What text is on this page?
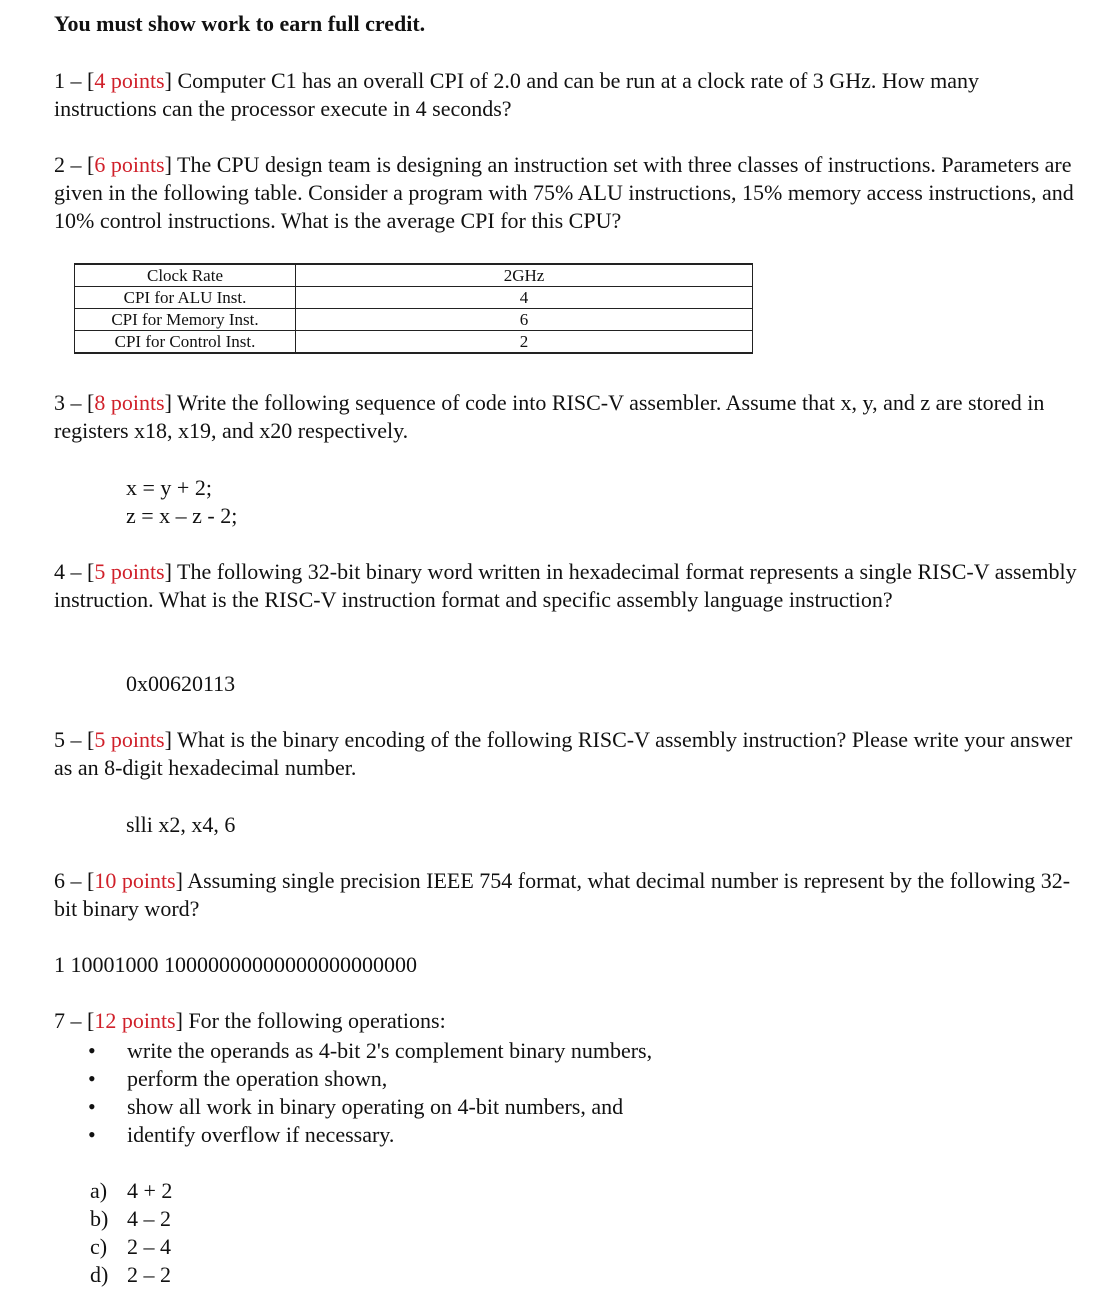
You must show work to earn full credit.
1 – [4 points] Computer C1 has an overall CPI of 2.0 and can be run at a clock rate of 3 GHz. How many instructions can the processor execute in 4 seconds?
2 – [6 points] The CPU design team is designing an instruction set with three classes of instructions. Parameters are given in the following table. Consider a program with 75% ALU instructions, 15% memory access instructions, and 10% control instructions. What is the average CPI for this CPU?
Clock Rate	2GHz
CPI for ALU Inst.	4
CPI for Memory Inst.	6
CPI for Control Inst.	2
3 – [8 points] Write the following sequence of code into RISC-V assembler. Assume that x, y, and z are stored in registers x18, x19, and x20 respectively.
x = y + 2;
z = x – z - 2;
4 – [5 points] The following 32-bit binary word written in hexadecimal format represents a single RISC-V assembly instruction. What is the RISC-V instruction format and specific assembly language instruction?
0x00620113
5 – [5 points] What is the binary encoding of the following RISC-V assembly instruction? Please write your answer as an 8-digit hexadecimal number.
slli x2, x4, 6
6 – [10 points] Assuming single precision IEEE 754 format, what decimal number is represent by the following 32-bit binary word?
1 10001000 10000000000000000000000
7 – [12 points] For the following operations:
• write the operands as 4-bit 2's complement binary numbers,
• perform the operation shown,
• show all work in binary operating on 4-bit numbers, and
• identify overflow if necessary.
a) 4 + 2
b) 4 – 2
c) 2 – 4
d) 2 – 2
